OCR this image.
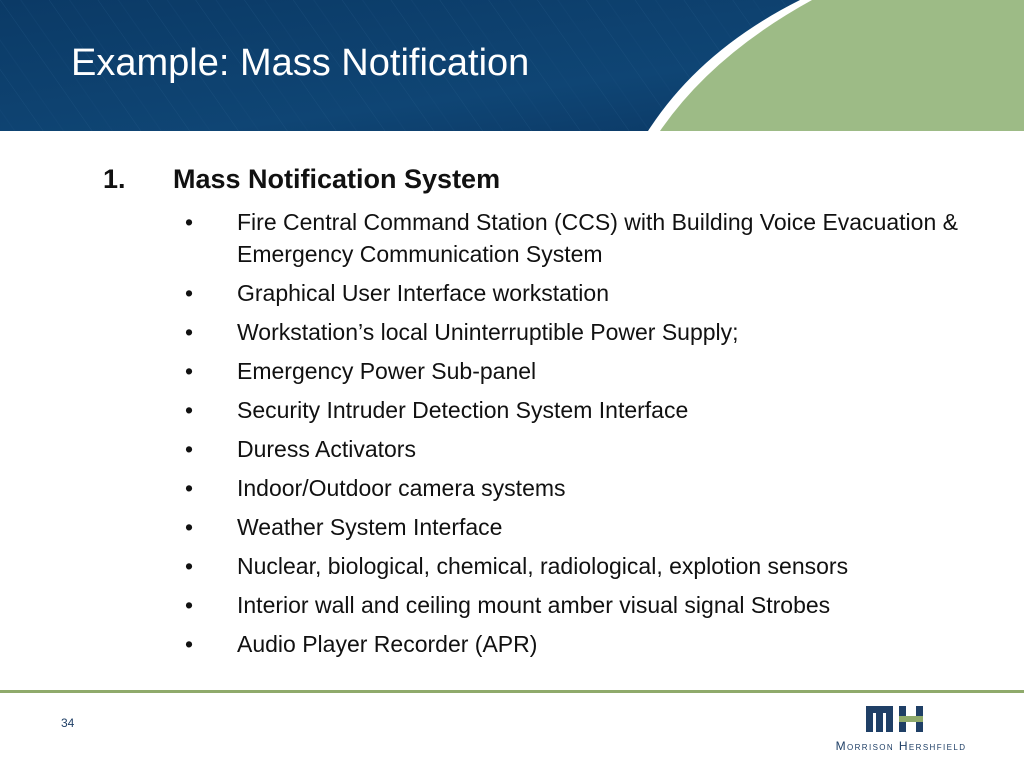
Example: Mass Notification
1. Mass Notification System
• Fire Central Command Station (CCS) with Building Voice Evacuation & Emergency Communication System
• Graphical User Interface workstation
• Workstation’s local Uninterruptible Power Supply;
• Emergency Power Sub-panel
• Security Intruder Detection System Interface
• Duress Activators
• Indoor/Outdoor camera systems
• Weather System Interface
• Nuclear, biological, chemical, radiological, explotion sensors
• Interior wall and ceiling mount amber visual signal Strobes
• Audio Player Recorder (APR)
34
Morrison Hershfield
